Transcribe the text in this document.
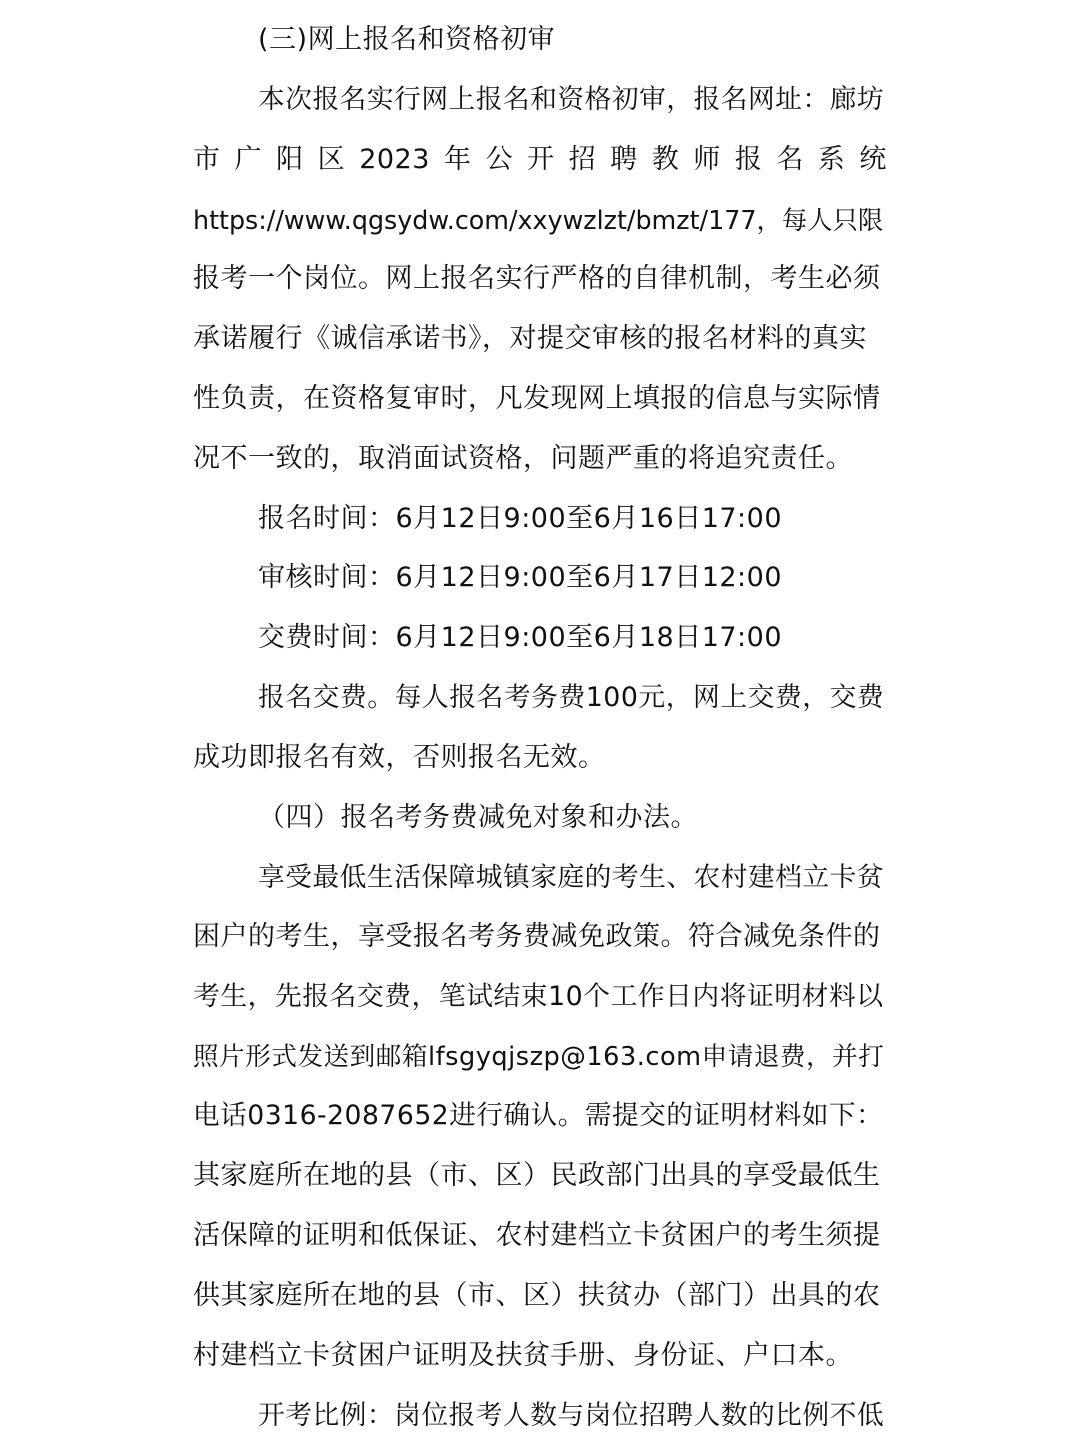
(三)网上报名和资格初审
本次报名实行网上报名和资格初审，报名网址：廊坊
市 广 阳 区 2023 年 公 开 招 聘 教 师 报 名 系 统
https://www.qgsydw.com/xxywzlzt/bmzt/177，每人只限
报考一个岗位。网上报名实行严格的自律机制，考生必须
承诺履行《诚信承诺书》，对提交审核的报名材料的真实
性负责，在资格复审时，凡发现网上填报的信息与实际情
况不一致的，取消面试资格，问题严重的将追究责任。
报名时间：6月12日9:00至6月16日17:00
审核时间：6月12日9:00至6月17日12:00
交费时间：6月12日9:00至6月18日17:00
报名交费。每人报名考务费100元，网上交费，交费
成功即报名有效，否则报名无效。
（四）报名考务费减免对象和办法。
享受最低生活保障城镇家庭的考生、农村建档立卡贫
困户的考生，享受报名考务费减免政策。符合减免条件的
考生，先报名交费，笔试结束10个工作日内将证明材料以
照片形式发送到邮箱lfsgyqjszp@163.com申请退费，并打
电话0316-2087652进行确认。需提交的证明材料如下：
其家庭所在地的县（市、区）民政部门出具的享受最低生
活保障的证明和低保证、农村建档立卡贫困户的考生须提
供其家庭所在地的县（市、区）扶贫办（部门）出具的农
村建档立卡贫困户证明及扶贫手册、身份证、户口本。
开考比例：岗位报考人数与岗位招聘人数的比例不低
